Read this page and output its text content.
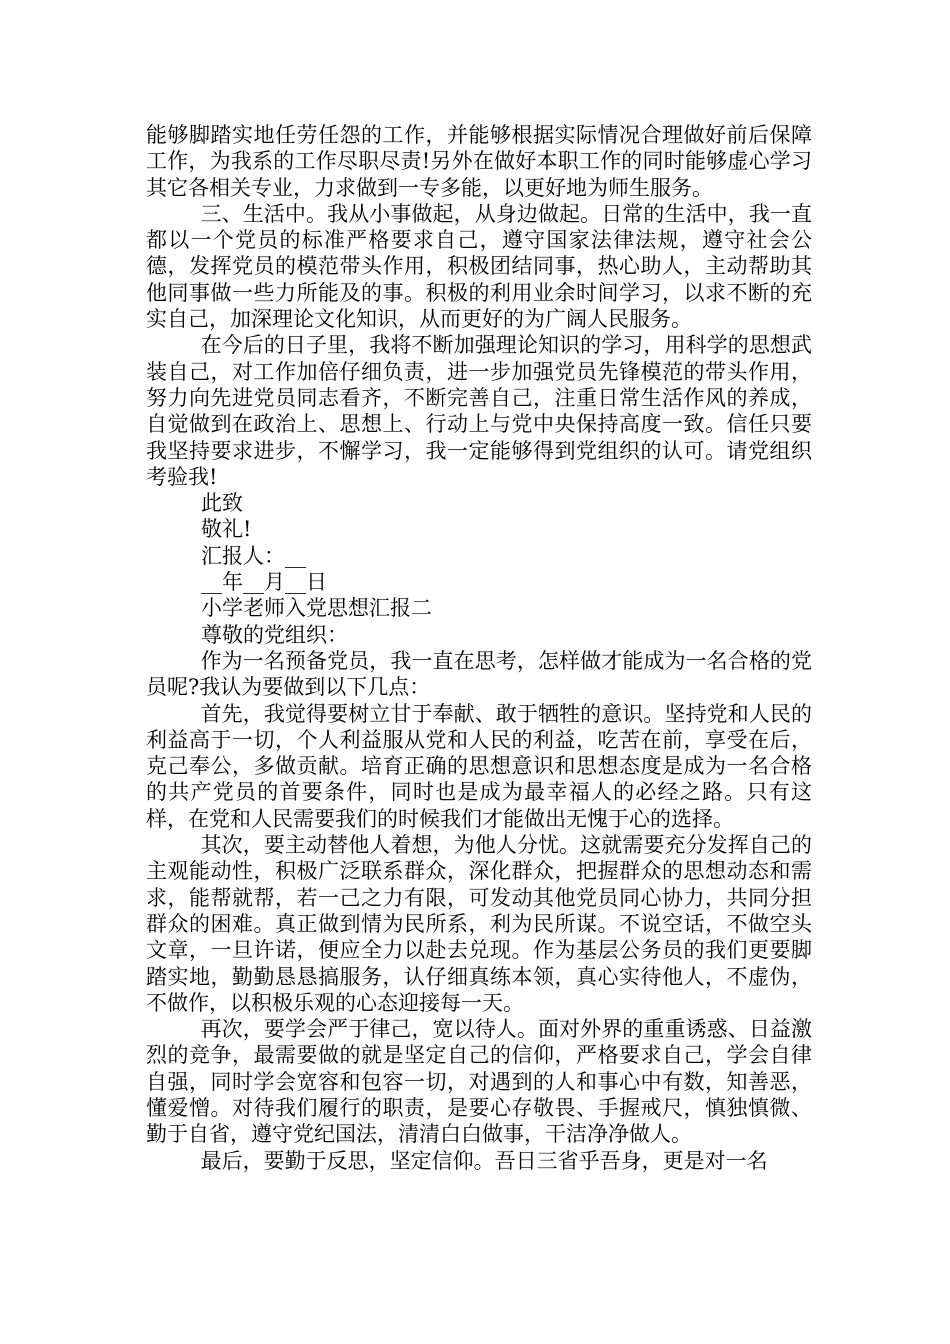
能够脚踏实地任劳任怨的工作，并能够根据实际情况合理做好前后保障工作，为我系的工作尽职尽责!另外在做好本职工作的同时能够虚心学习其它各相关专业，力求做到一专多能，以更好地为师生服务。

三、生活中。我从小事做起，从身边做起。日常的生活中，我一直都以一个党员的标准严格要求自己，遵守国家法律法规，遵守社会公德，发挥党员的模范带头作用，积极团结同事，热心助人，主动帮助其他同事做一些力所能及的事。积极的利用业余时间学习，以求不断的充实自己，加深理论文化知识，从而更好的为广阔人民服务。

在今后的日子里，我将不断加强理论知识的学习，用科学的思想武装自己，对工作加倍仔细负责，进一步加强党员先锋模范的带头作用，努力向先进党员同志看齐，不断完善自己，注重日常生活作风的养成，自觉做到在政治上、思想上、行动上与党中央保持高度一致。信任只要我坚持要求进步，不懈学习，我一定能够得到党组织的认可。请党组织考验我!

此致

敬礼!

汇报人：__

__年__月__日

小学老师入党思想汇报二

尊敬的党组织：

作为一名预备党员，我一直在思考，怎样做才能成为一名合格的党员呢?我认为要做到以下几点：

首先，我觉得要树立甘于奉献、敢于牺牲的意识。坚持党和人民的利益高于一切，个人利益服从党和人民的利益，吃苦在前，享受在后，克己奉公，多做贡献。培育正确的思想意识和思想态度是成为一名合格的共产党员的首要条件，同时也是成为最幸福人的必经之路。只有这样，在党和人民需要我们的时候我们才能做出无愧于心的选择。

其次，要主动替他人着想，为他人分忧。这就需要充分发挥自己的主观能动性，积极广泛联系群众，深化群众，把握群众的思想动态和需求，能帮就帮，若一己之力有限，可发动其他党员同心协力，共同分担群众的困难。真正做到情为民所系，利为民所谋。不说空话，不做空头文章，一旦许诺，便应全力以赴去兑现。作为基层公务员的我们更要脚踏实地，勤勤恳恳搞服务，认仔细真练本领，真心实待他人，不虚伪，不做作，以积极乐观的心态迎接每一天。

再次，要学会严于律己，宽以待人。面对外界的重重诱惑、日益激烈的竞争，最需要做的就是坚定自己的信仰，严格要求自己，学会自律自强，同时学会宽容和包容一切，对遇到的人和事心中有数，知善恶，懂爱憎。对待我们履行的职责，是要心存敬畏、手握戒尺，慎独慎微、勤于自省，遵守党纪国法，清清白白做事，干洁净净做人。

最后，要勤于反思，坚定信仰。吾日三省乎吾身，更是对一名
